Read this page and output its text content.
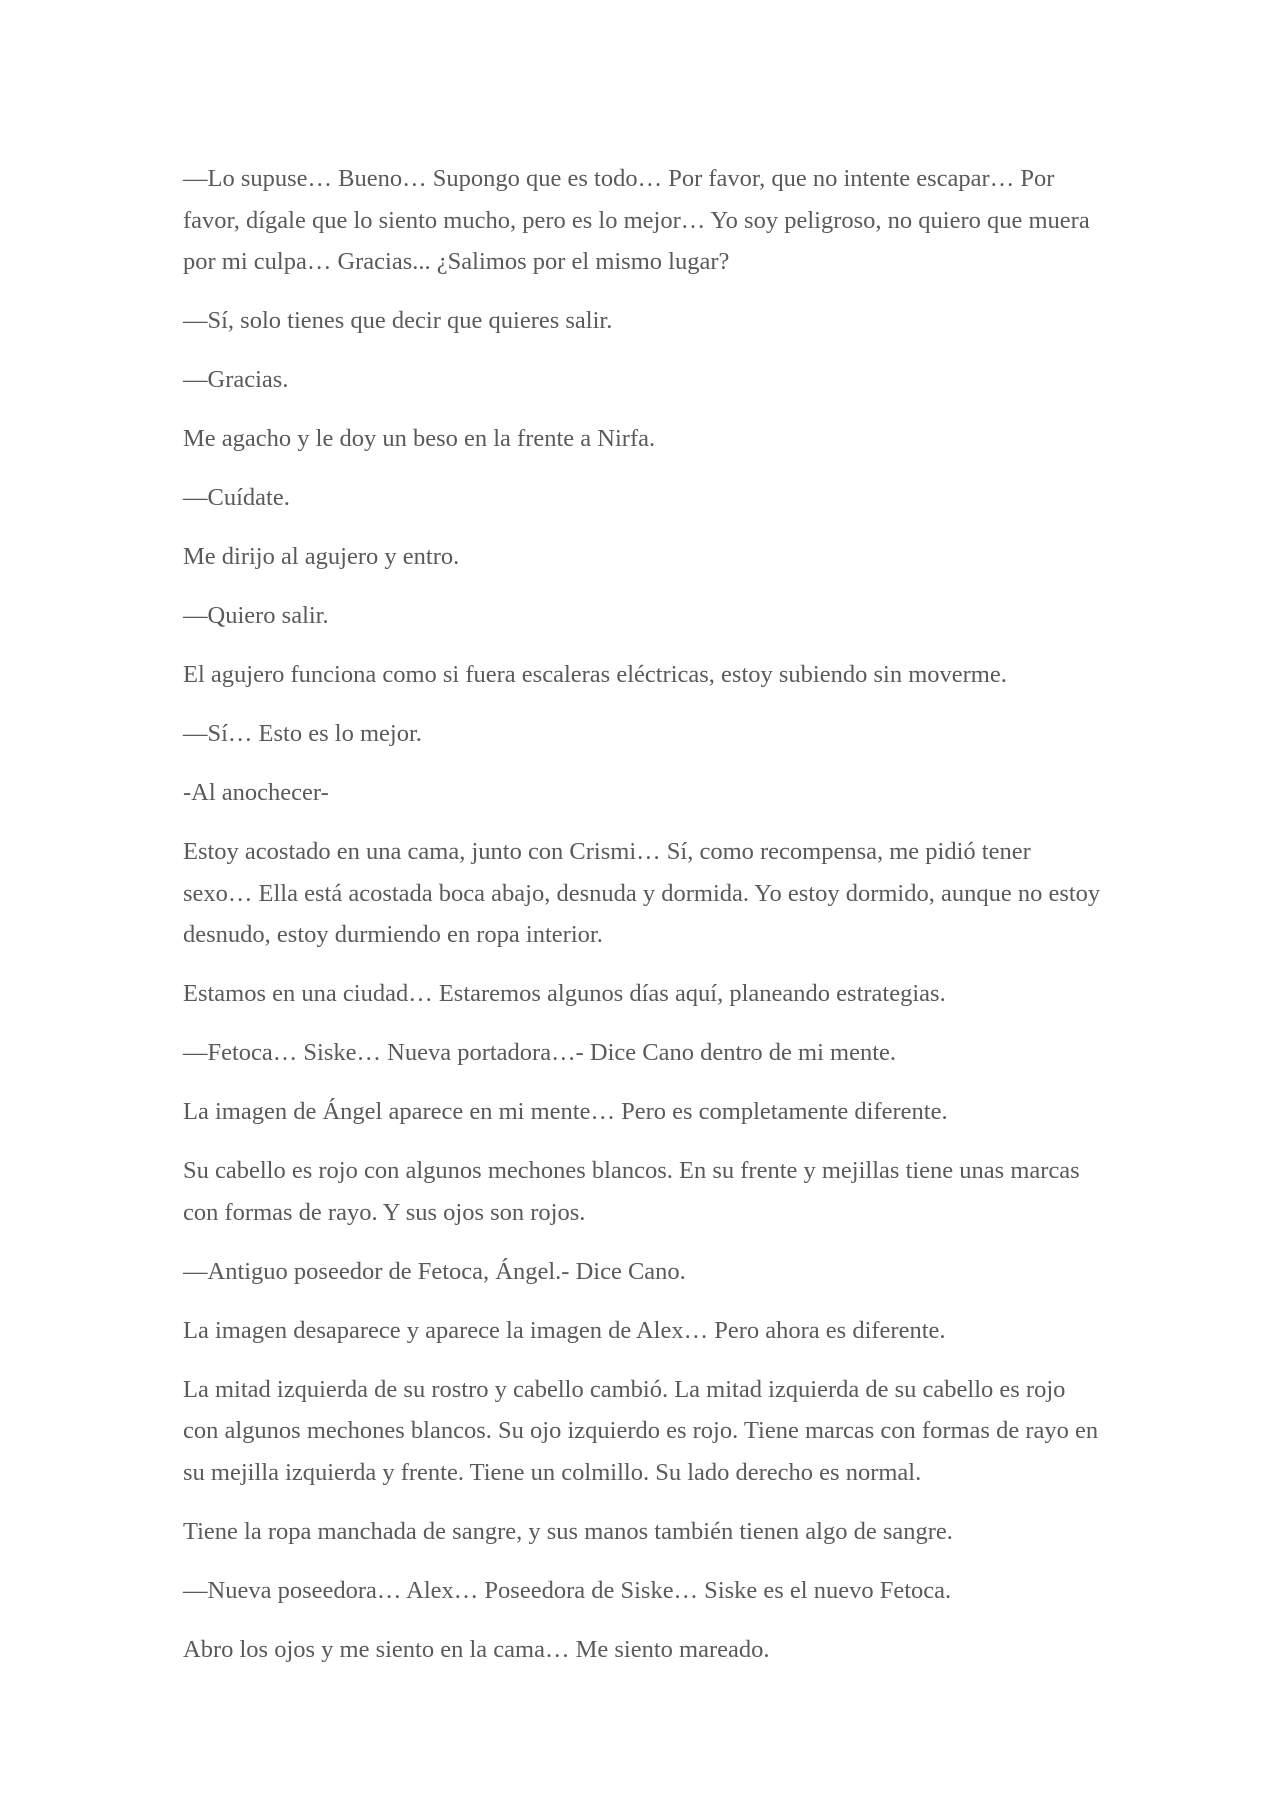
—Lo supuse… Bueno… Supongo que es todo… Por favor, que no intente escapar… Por favor, dígale que lo siento mucho, pero es lo mejor… Yo soy peligroso, no quiero que muera por mi culpa… Gracias... ¿Salimos por el mismo lugar?

—Sí, solo tienes que decir que quieres salir.

—Gracias.

Me agacho y le doy un beso en la frente a Nirfa.

—Cuídate.

Me dirijo al agujero y entro.

—Quiero salir.

El agujero funciona como si fuera escaleras eléctricas, estoy subiendo sin moverme.

—Sí… Esto es lo mejor.

-Al anochecer-

Estoy acostado en una cama, junto con Crismi… Sí, como recompensa, me pidió tener sexo… Ella está acostada boca abajo, desnuda y dormida. Yo estoy dormido, aunque no estoy desnudo, estoy durmiendo en ropa interior.

Estamos en una ciudad… Estaremos algunos días aquí, planeando estrategias.

—Fetoca… Siske… Nueva portadora…- Dice Cano dentro de mi mente.

La imagen de Ángel aparece en mi mente… Pero es completamente diferente.

Su cabello es rojo con algunos mechones blancos. En su frente y mejillas tiene unas marcas con formas de rayo. Y sus ojos son rojos.

—Antiguo poseedor de Fetoca, Ángel.- Dice Cano.

La imagen desaparece y aparece la imagen de Alex… Pero ahora es diferente.

La mitad izquierda de su rostro y cabello cambió. La mitad izquierda de su cabello es rojo con algunos mechones blancos. Su ojo izquierdo es rojo. Tiene marcas con formas de rayo en su mejilla izquierda y frente. Tiene un colmillo. Su lado derecho es normal.

Tiene la ropa manchada de sangre, y sus manos también tienen algo de sangre.

—Nueva poseedora… Alex… Poseedora de Siske… Siske es el nuevo Fetoca.

Abro los ojos y me siento en la cama… Me siento mareado.
